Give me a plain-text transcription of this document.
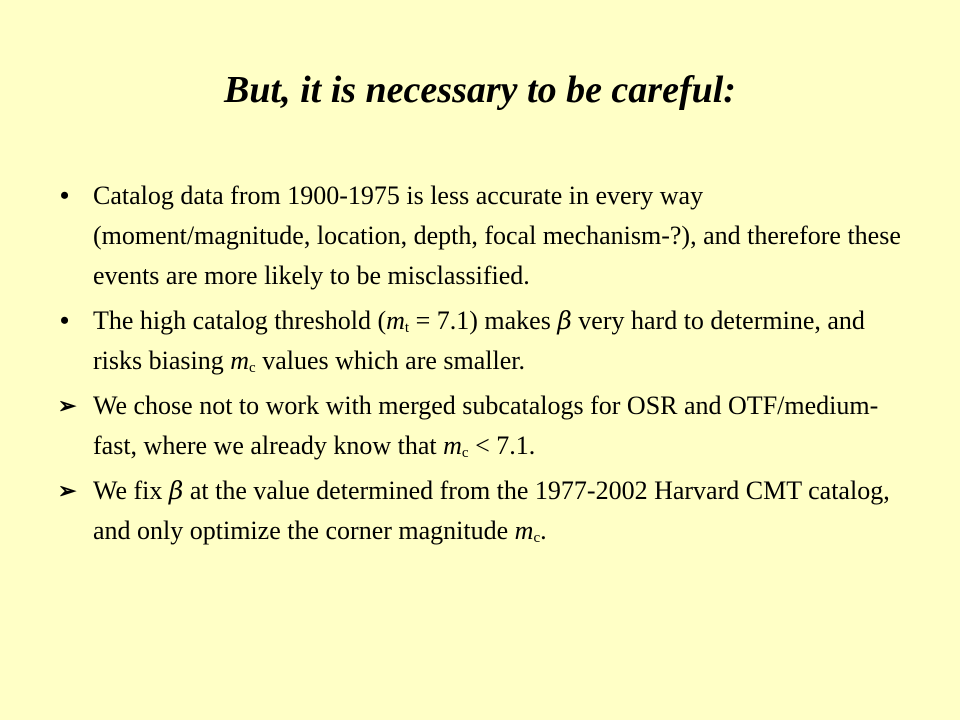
But, it is necessary to be careful:
• Catalog data from 1900-1975 is less accurate in every way (moment/magnitude, location, depth, focal mechanism-?), and therefore these events are more likely to be misclassified.
• The high catalog threshold $(m_t = 7.1)$ makes β very hard to determine, and risks biasing $m_c$ values which are smaller.
➢ We chose not to work with merged subcatalogs for OSR and OTF/medium-fast, where we already know that $m_c < 7.1$.
➢ We fix β at the value determined from the 1977-2002 Harvard CMT catalog, and only optimize the corner magnitude $m_c$.
